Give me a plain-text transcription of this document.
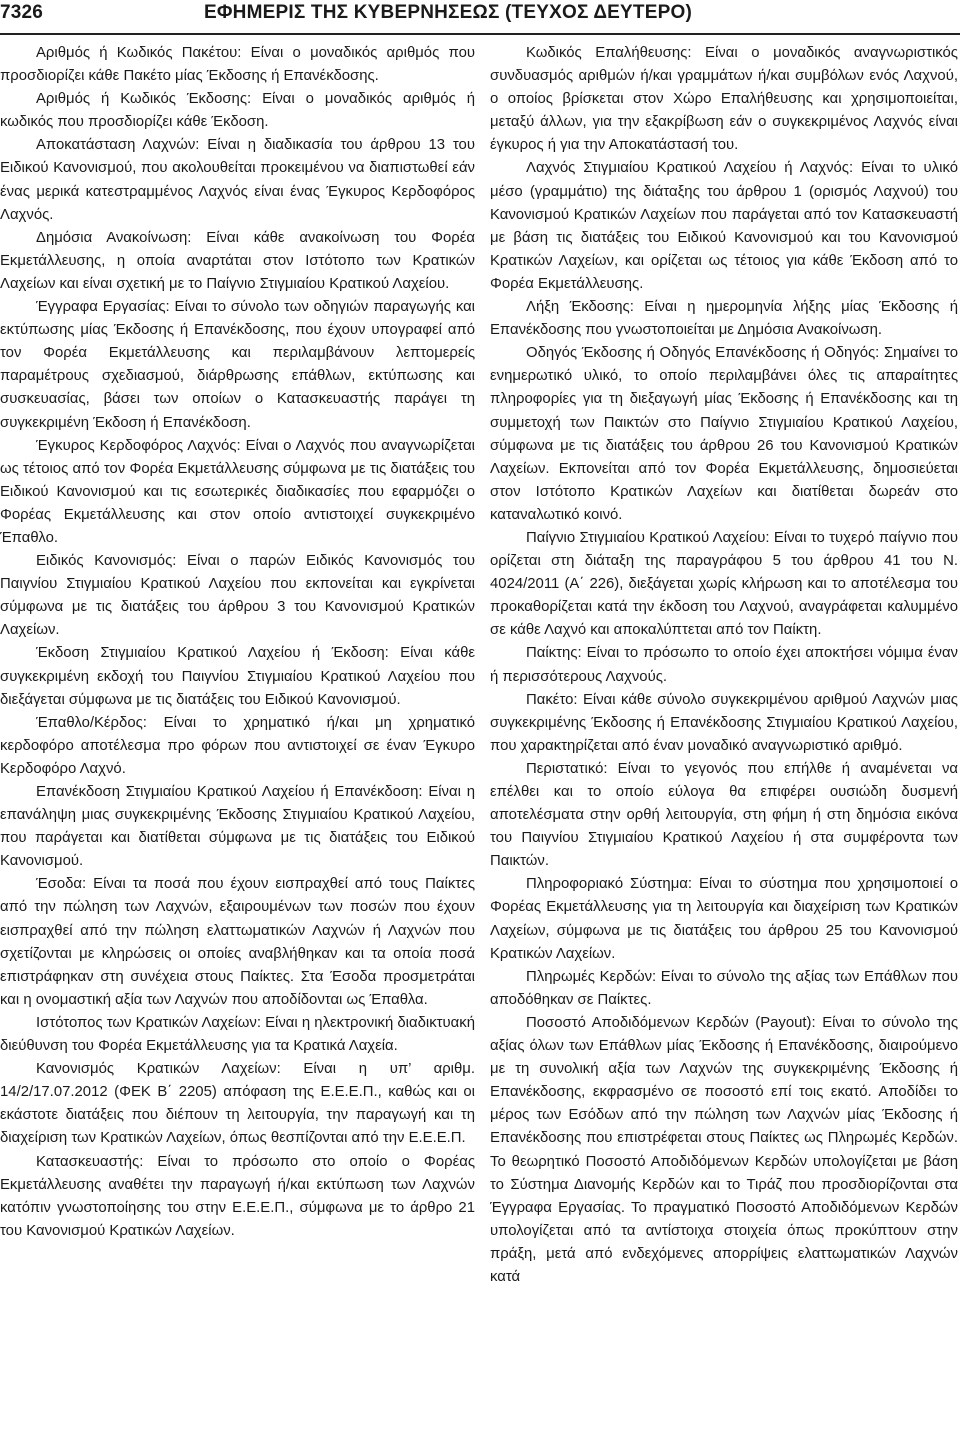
7326	ΕΦΗΜΕΡΙΣ ΤΗΣ ΚΥΒΕΡΝΗΣΕΩΣ (ΤΕΥΧΟΣ ΔΕΥΤΕΡΟ)

Αριθμός ή Κωδικός Πακέτου: Είναι ο μοναδικός αριθμός που προσδιορίζει κάθε Πακέτο μίας Έκδοσης ή Επανέκδοσης.

Αριθμός ή Κωδικός Έκδοσης: Είναι ο μοναδικός αριθμός ή κωδικός που προσδιορίζει κάθε Έκδοση.

Αποκατάσταση Λαχνών: Είναι η διαδικασία του άρθρου 13 του Ειδικού Κανονισμού, που ακολουθείται προκειμένου να διαπιστωθεί εάν ένας μερικά κατεστραμμένος Λαχνός είναι ένας Έγκυρος Κερδοφόρος Λαχνός.

Δημόσια Ανακοίνωση: Είναι κάθε ανακοίνωση του Φορέα Εκμετάλλευσης, η οποία αναρτάται στον Ιστότοπο των Κρατικών Λαχείων και είναι σχετική με το Παίγνιο Στιγμιαίου Κρατικού Λαχείου.

Έγγραφα Εργασίας: Είναι το σύνολο των οδηγιών παραγωγής και εκτύπωσης μίας Έκδοσης ή Επανέκδοσης, που έχουν υπογραφεί από τον Φορέα Εκμετάλλευσης και περιλαμβάνουν λεπτομερείς παραμέτρους σχεδιασμού, διάρθρωσης επάθλων, εκτύπωσης και συσκευασίας, βάσει των οποίων ο Κατασκευαστής παράγει τη συγκεκριμένη Έκδοση ή Επανέκδοση.

Έγκυρος Κερδοφόρος Λαχνός: Είναι ο Λαχνός που αναγνωρίζεται ως τέτοιος από τον Φορέα Εκμετάλλευσης σύμφωνα με τις διατάξεις του Ειδικού Κανονισμού και τις εσωτερικές διαδικασίες που εφαρμόζει ο Φορέας Εκμετάλλευσης και στον οποίο αντιστοιχεί συγκεκριμένο Έπαθλο.

Ειδικός Κανονισμός: Είναι ο παρών Ειδικός Κανονισμός του Παιγνίου Στιγμιαίου Κρατικού Λαχείου που εκπονείται και εγκρίνεται σύμφωνα με τις διατάξεις του άρθρου 3 του Κανονισμού Κρατικών Λαχείων.

Έκδοση Στιγμιαίου Κρατικού Λαχείου ή Έκδοση: Είναι κάθε συγκεκριμένη εκδοχή του Παιγνίου Στιγμιαίου Κρατικού Λαχείου που διεξάγεται σύμφωνα με τις διατάξεις του Ειδικού Κανονισμού.

Έπαθλο/Κέρδος: Είναι το χρηματικό ή/και μη χρηματικό κερδοφόρο αποτέλεσμα προ φόρων που αντιστοιχεί σε έναν Έγκυρο Κερδοφόρο Λαχνό.

Επανέκδοση Στιγμιαίου Κρατικού Λαχείου ή Επανέκδοση: Είναι η επανάληψη μιας συγκεκριμένης Έκδοσης Στιγμιαίου Κρατικού Λαχείου, που παράγεται και διατίθεται σύμφωνα με τις διατάξεις του Ειδικού Κανονισμού.

Έσοδα: Είναι τα ποσά που έχουν εισπραχθεί από τους Παίκτες από την πώληση των Λαχνών, εξαιρουμένων των ποσών που έχουν εισπραχθεί από την πώληση ελαττωματικών Λαχνών ή Λαχνών που σχετίζονται με κληρώσεις οι οποίες αναβλήθηκαν και τα οποία ποσά επιστράφηκαν στη συνέχεια στους Παίκτες. Στα Έσοδα προσμετράται και η ονομαστική αξία των Λαχνών που αποδίδονται ως Έπαθλα.

Ιστότοπος των Κρατικών Λαχείων: Είναι η ηλεκτρονική διαδικτυακή διεύθυνση του Φορέα Εκμετάλλευσης για τα Κρατικά Λαχεία.

Κανονισμός Κρατικών Λαχείων: Είναι η υπ’ αριθμ. 14/2/17.07.2012 (ΦΕΚ Β΄ 2205) απόφαση της Ε.Ε.Ε.Π., καθώς και οι εκάστοτε διατάξεις που διέπουν τη λειτουργία, την παραγωγή και τη διαχείριση των Κρατικών Λαχείων, όπως θεσπίζονται από την Ε.Ε.Ε.Π.

Κατασκευαστής: Είναι το πρόσωπο στο οποίο ο Φορέας Εκμετάλλευσης αναθέτει την παραγωγή ή/και εκτύπωση των Λαχνών κατόπιν γνωστοποίησης του στην Ε.Ε.Ε.Π., σύμφωνα με το άρθρο 21 του Κανονισμού Κρατικών Λαχείων.

Κωδικός Επαλήθευσης: Είναι ο μοναδικός αναγνωριστικός συνδυασμός αριθμών ή/και γραμμάτων ή/και συμβόλων ενός Λαχνού, ο οποίος βρίσκεται στον Χώρο Επαλήθευσης και χρησιμοποιείται, μεταξύ άλλων, για την εξακρίβωση εάν ο συγκεκριμένος Λαχνός είναι έγκυρος ή για την Αποκατάστασή του.

Λαχνός Στιγμιαίου Κρατικού Λαχείου ή Λαχνός: Είναι το υλικό μέσο (γραμμάτιο) της διάταξης του άρθρου 1 (ορισμός Λαχνού) του Κανονισμού Κρατικών Λαχείων που παράγεται από τον Κατασκευαστή με βάση τις διατάξεις του Ειδικού Κανονισμού και του Κανονισμού Κρατικών Λαχείων, και ορίζεται ως τέτοιος για κάθε Έκδοση από το Φορέα Εκμετάλλευσης.

Λήξη Έκδοσης: Είναι η ημερομηνία λήξης μίας Έκδοσης ή Επανέκδοσης που γνωστοποιείται με Δημόσια Ανακοίνωση.

Οδηγός Έκδοσης ή Οδηγός Επανέκδοσης ή Οδηγός: Σημαίνει το ενημερωτικό υλικό, το οποίο περιλαμβάνει όλες τις απαραίτητες πληροφορίες για τη διεξαγωγή μίας Έκδοσης ή Επανέκδοσης και τη συμμετοχή των Παικτών στο Παίγνιο Στιγμιαίου Κρατικού Λαχείου, σύμφωνα με τις διατάξεις του άρθρου 26 του Κανονισμού Κρατικών Λαχείων. Εκπονείται από τον Φορέα Εκμετάλλευσης, δημοσιεύεται στον Ιστότοπο Κρατικών Λαχείων και διατίθεται δωρεάν στο καταναλωτικό κοινό.

Παίγνιο Στιγμιαίου Κρατικού Λαχείου: Είναι το τυχερό παίγνιο που ορίζεται στη διάταξη της παραγράφου 5 του άρθρου 41 του Ν. 4024/2011 (Α΄ 226), διεξάγεται χωρίς κλήρωση και το αποτέλεσμα του προκαθορίζεται κατά την έκδοση του Λαχνού, αναγράφεται καλυμμένο σε κάθε Λαχνό και αποκαλύπτεται από τον Παίκτη.

Παίκτης: Είναι το πρόσωπο το οποίο έχει αποκτήσει νόμιμα έναν ή περισσότερους Λαχνούς.

Πακέτο: Είναι κάθε σύνολο συγκεκριμένου αριθμού Λαχνών μιας συγκεκριμένης Έκδοσης ή Επανέκδοσης Στιγμιαίου Κρατικού Λαχείου, που χαρακτηρίζεται από έναν μοναδικό αναγνωριστικό αριθμό.

Περιστατικό: Είναι το γεγονός που επήλθε ή αναμένεται να επέλθει και το οποίο εύλογα θα επιφέρει ουσιώδη δυσμενή αποτελέσματα στην ορθή λειτουργία, στη φήμη ή στη δημόσια εικόνα του Παιγνίου Στιγμιαίου Κρατικού Λαχείου ή στα συμφέροντα των Παικτών.

Πληροφοριακό Σύστημα: Είναι το σύστημα που χρησιμοποιεί ο Φορέας Εκμετάλλευσης για τη λειτουργία και διαχείριση των Κρατικών Λαχείων, σύμφωνα με τις διατάξεις του άρθρου 25 του Κανονισμού Κρατικών Λαχείων.

Πληρωμές Κερδών: Είναι το σύνολο της αξίας των Επάθλων που αποδόθηκαν σε Παίκτες.

Ποσοστό Αποδιδόμενων Κερδών (Payout): Είναι το σύνολο της αξίας όλων των Επάθλων μίας Έκδοσης ή Επανέκδοσης, διαιρούμενο με τη συνολική αξία των Λαχνών της συγκεκριμένης Έκδοσης ή Επανέκδοσης, εκφρασμένο σε ποσοστό επί τοις εκατό. Αποδίδει το μέρος των Εσόδων από την πώληση των Λαχνών μίας Έκδοσης ή Επανέκδοσης που επιστρέφεται στους Παίκτες ως Πληρωμές Κερδών. Το θεωρητικό Ποσοστό Αποδιδόμενων Κερδών υπολογίζεται με βάση το Σύστημα Διανομής Κερδών και το Τιράζ που προσδιορίζονται στα Έγγραφα Εργασίας. Το πραγματικό Ποσοστό Αποδιδόμενων Κερδών υπολογίζεται από τα αντίστοιχα στοιχεία όπως προκύπτουν στην πράξη, μετά από ενδεχόμενες απορρίψεις ελαττωματικών Λαχνών κατά
